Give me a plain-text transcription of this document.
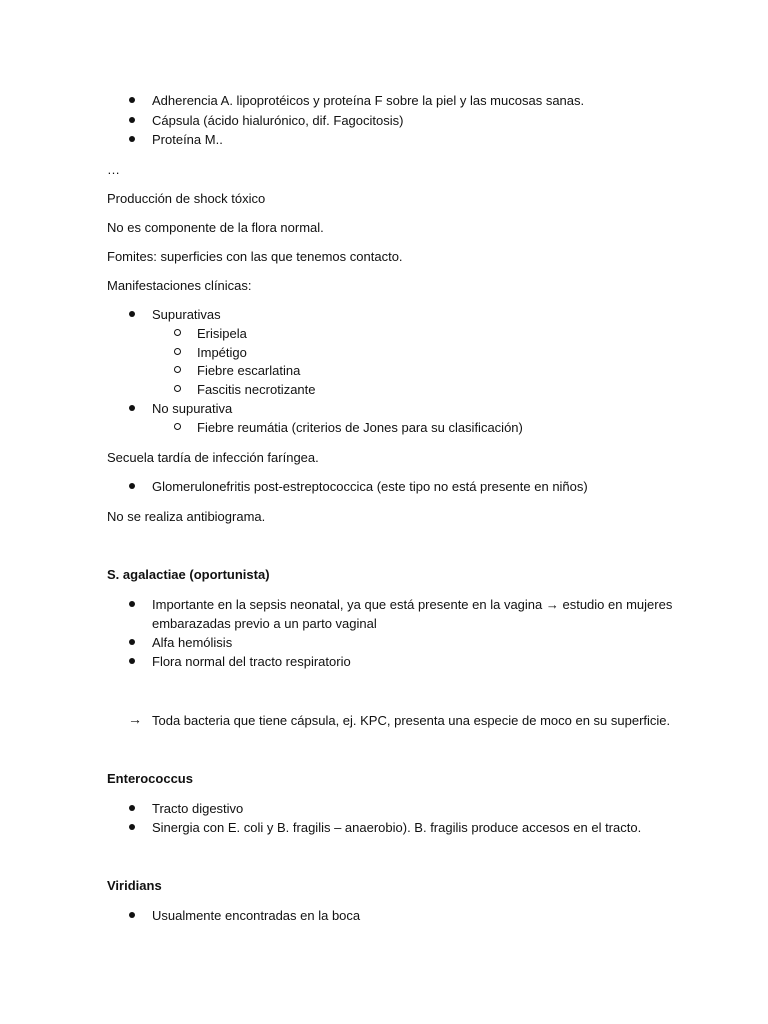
Adherencia A. lipoprotéicos y proteína F sobre la piel y las mucosas sanas.
Cápsula (ácido hialurónico, dif. Fagocitosis)
Proteína M..
…
Producción de shock tóxico
No es componente de la flora normal.
Fomites: superficies con las que tenemos contacto.
Manifestaciones clínicas:
Supurativas
Erisipela
Impétigo
Fiebre escarlatina
Fascitis necrotizante
No supurativa
Fiebre reumátia (criterios de Jones para su clasificación)
Secuela tardía de infección faríngea.
Glomerulonefritis post-estreptococcica (este tipo no está presente en niños)
No se realiza antibiograma.
S. agalactiae (oportunista)
Importante en la sepsis neonatal, ya que está presente en la vagina → estudio en mujeres
embarazadas previo a un parto vaginal
Alfa hemólisis
Flora normal del tracto respiratorio
→ Toda bacteria que tiene cápsula, ej. KPC, presenta una especie de moco en su superficie.
Enterococcus
Tracto digestivo
Sinergia con E. coli y B. fragilis – anaerobio). B. fragilis produce accesos en el tracto.
Viridians
Usualmente encontradas en la boca
